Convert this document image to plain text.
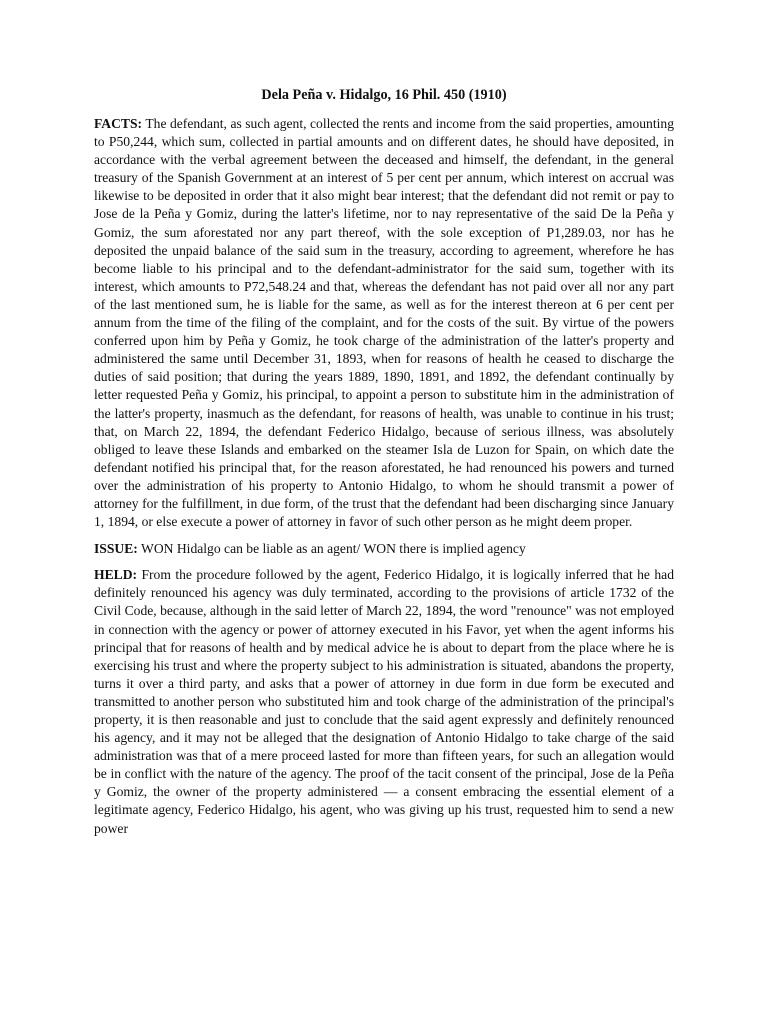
Dela Peña v. Hidalgo, 16 Phil. 450 (1910)

FACTS: The defendant, as such agent, collected the rents and income from the said properties, amounting to P50,244, which sum, collected in partial amounts and on different dates, he should have deposited, in accordance with the verbal agreement between the deceased and himself, the defendant, in the general treasury of the Spanish Government at an interest of 5 per cent per annum, which interest on accrual was likewise to be deposited in order that it also might bear interest; that the defendant did not remit or pay to Jose de la Peña y Gomiz, during the latter's lifetime, nor to nay representative of the said De la Peña y Gomiz, the sum aforestated nor any part thereof, with the sole exception of P1,289.03, nor has he deposited the unpaid balance of the said sum in the treasury, according to agreement, wherefore he has become liable to his principal and to the defendant-administrator for the said sum, together with its interest, which amounts to P72,548.24 and that, whereas the defendant has not paid over all nor any part of the last mentioned sum, he is liable for the same, as well as for the interest thereon at 6 per cent per annum from the time of the filing of the complaint, and for the costs of the suit. By virtue of the powers conferred upon him by Peña y Gomiz, he took charge of the administration of the latter's property and administered the same until December 31, 1893, when for reasons of health he ceased to discharge the duties of said position; that during the years 1889, 1890, 1891, and 1892, the defendant continually by letter requested Peña y Gomiz, his principal, to appoint a person to substitute him in the administration of the latter's property, inasmuch as the defendant, for reasons of health, was unable to continue in his trust; that, on March 22, 1894, the defendant Federico Hidalgo, because of serious illness, was absolutely obliged to leave these Islands and embarked on the steamer Isla de Luzon for Spain, on which date the defendant notified his principal that, for the reason aforestated, he had renounced his powers and turned over the administration of his property to Antonio Hidalgo, to whom he should transmit a power of attorney for the fulfillment, in due form, of the trust that the defendant had been discharging since January 1, 1894, or else execute a power of attorney in favor of such other person as he might deem proper.

ISSUE: WON Hidalgo can be liable as an agent/ WON there is implied agency

HELD: From the procedure followed by the agent, Federico Hidalgo, it is logically inferred that he had definitely renounced his agency was duly terminated, according to the provisions of article 1732 of the Civil Code, because, although in the said letter of March 22, 1894, the word "renounce" was not employed in connection with the agency or power of attorney executed in his Favor, yet when the agent informs his principal that for reasons of health and by medical advice he is about to depart from the place where he is exercising his trust and where the property subject to his administration is situated, abandons the property, turns it over a third party, and asks that a power of attorney in due form in due form be executed and transmitted to another person who substituted him and took charge of the administration of the principal's property, it is then reasonable and just to conclude that the said agent expressly and definitely renounced his agency, and it may not be alleged that the designation of Antonio Hidalgo to take charge of the said administration was that of a mere proceed lasted for more than fifteen years, for such an allegation would be in conflict with the nature of the agency. The proof of the tacit consent of the principal, Jose de la Peña y Gomiz, the owner of the property administered — a consent embracing the essential element of a legitimate agency, Federico Hidalgo, his agent, who was giving up his trust, requested him to send a new power
